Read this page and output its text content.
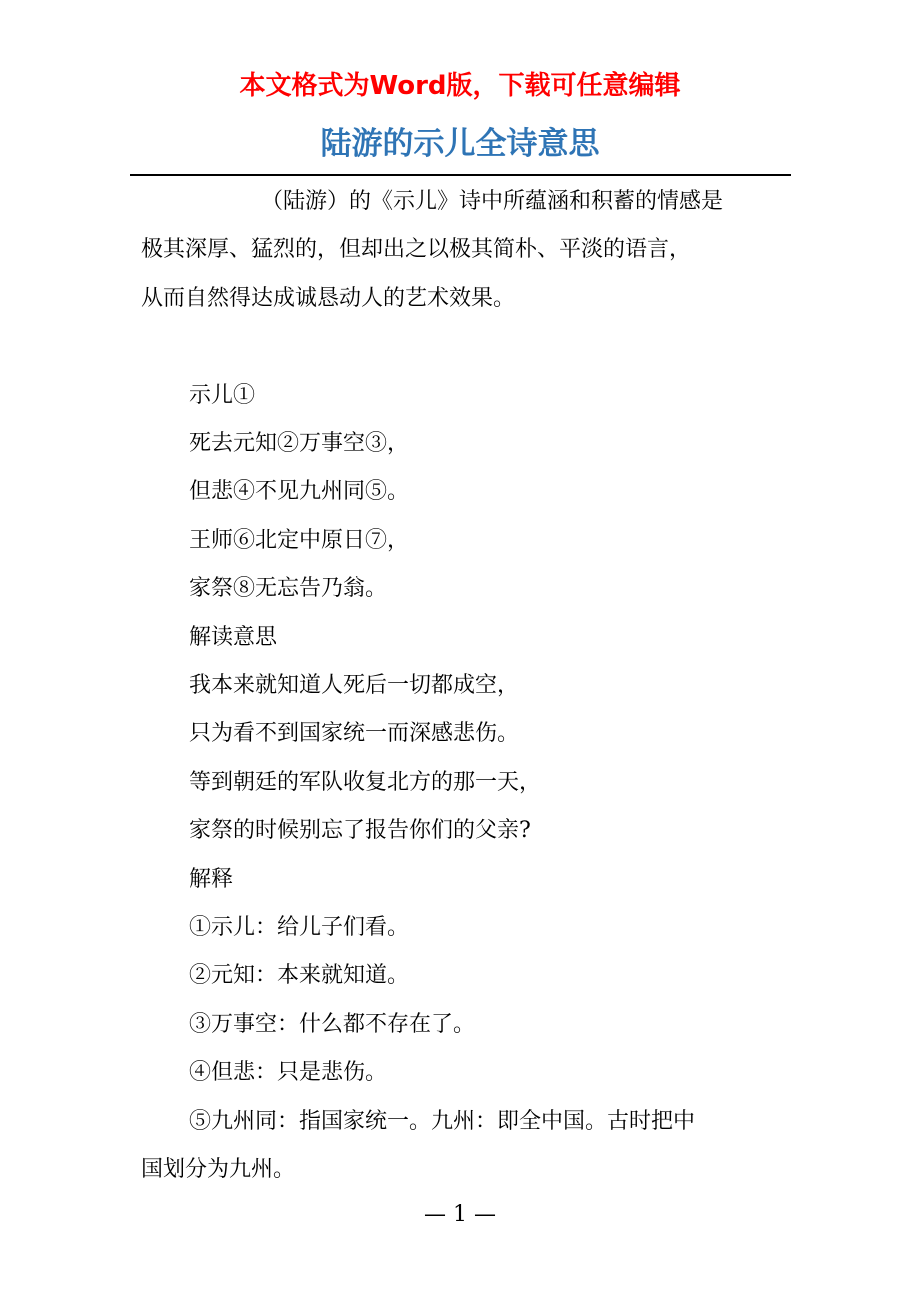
本文格式为Word版，下载可任意编辑
陆游的示儿全诗意思

（陆游）的《示儿》诗中所蕴涵和积蓄的情感是

极其深厚、猛烈的，但却出之以极其简朴、平淡的语言，

从而自然得达成诚恳动人的艺术效果。

示儿①

死去元知②万事空③，

但悲④不见九州同⑤。

王师⑥北定中原日⑦，

家祭⑧无忘告乃翁。

解读意思

我本来就知道人死后一切都成空，

只为看不到国家统一而深感悲伤。

等到朝廷的军队收复北方的那一天，

家祭的时候别忘了报告你们的父亲?

解释

①示儿：给儿子们看。

②元知：本来就知道。

③万事空：什么都不存在了。

④但悲：只是悲伤。

⑤九州同：指国家统一。九州：即全中国。古时把中

国划分为九州。

— 1 —
